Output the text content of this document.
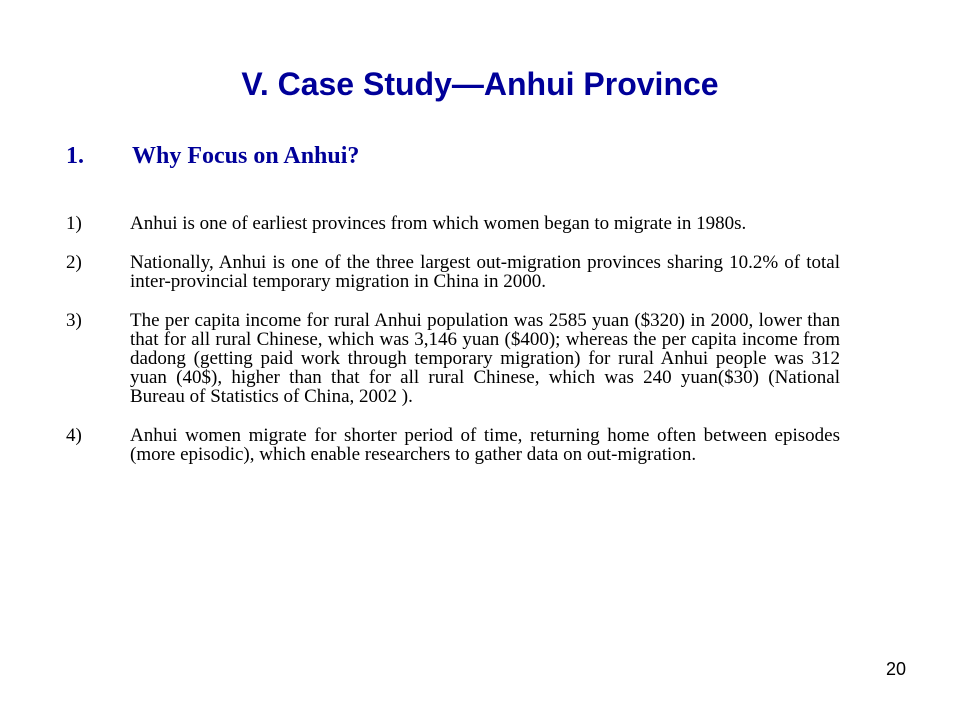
V. Case Study—Anhui Province
1.	Why Focus on Anhui?
1)	Anhui is one of earliest provinces from which women began to migrate in 1980s.
2)	Nationally, Anhui is one of the three largest out-migration provinces sharing 10.2% of total inter-provincial temporary migration in China in 2000.
3)	The per capita income for rural Anhui population was 2585 yuan ($320) in 2000, lower than that for all rural Chinese, which was 3,146 yuan ($400); whereas the per capita income from dadong (getting paid work through temporary migration) for rural Anhui people was 312 yuan (40$), higher than that for all rural Chinese, which was 240 yuan($30) (National Bureau of Statistics of China, 2002 ).
4)	Anhui women migrate for shorter period of time, returning home often between episodes (more episodic), which enable researchers to gather data on out-migration.
20
